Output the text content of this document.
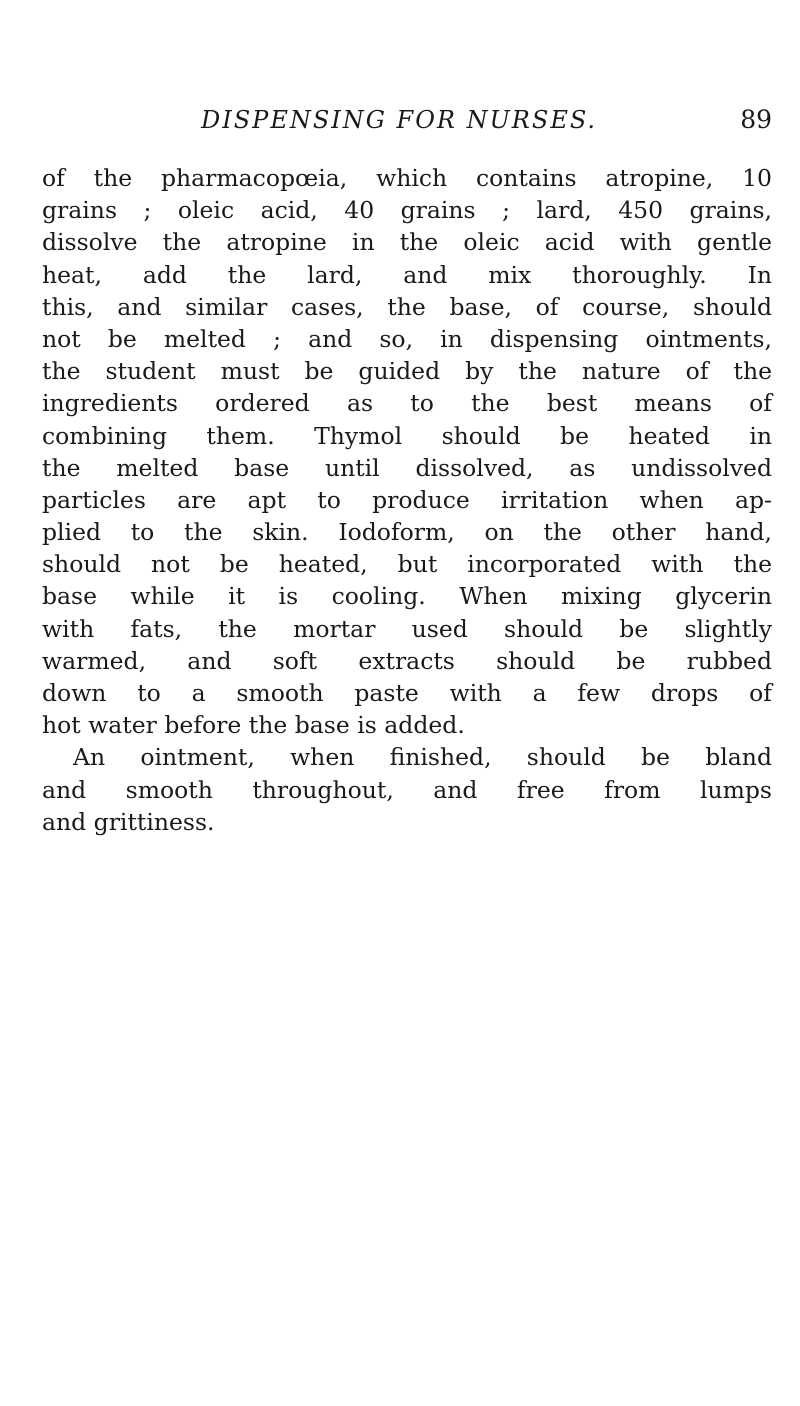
DISPENSING FOR NURSES.	89
of the pharmacopœia, which contains atropine, 10
grains ; oleic acid, 40 grains ; lard, 450 grains,
dissolve the atropine in the oleic acid with gentle
heat, add the lard, and mix thoroughly. In
this, and similar cases, the base, of course, should
not be melted ; and so, in dispensing ointments,
the student must be guided by the nature of the
ingredients ordered as to the best means of
combining them. Thymol should be heated in
the melted base until dissolved, as undissolved
particles are apt to produce irritation when ap-
plied to the skin. Iodoform, on the other hand,
should not be heated, but incorporated with the
base while it is cooling. When mixing glycerin
with fats, the mortar used should be slightly
warmed, and soft extracts should be rubbed
down to a smooth paste with a few drops of
hot water before the base is added.
An ointment, when finished, should be bland
and smooth throughout, and free from lumps
and grittiness.
